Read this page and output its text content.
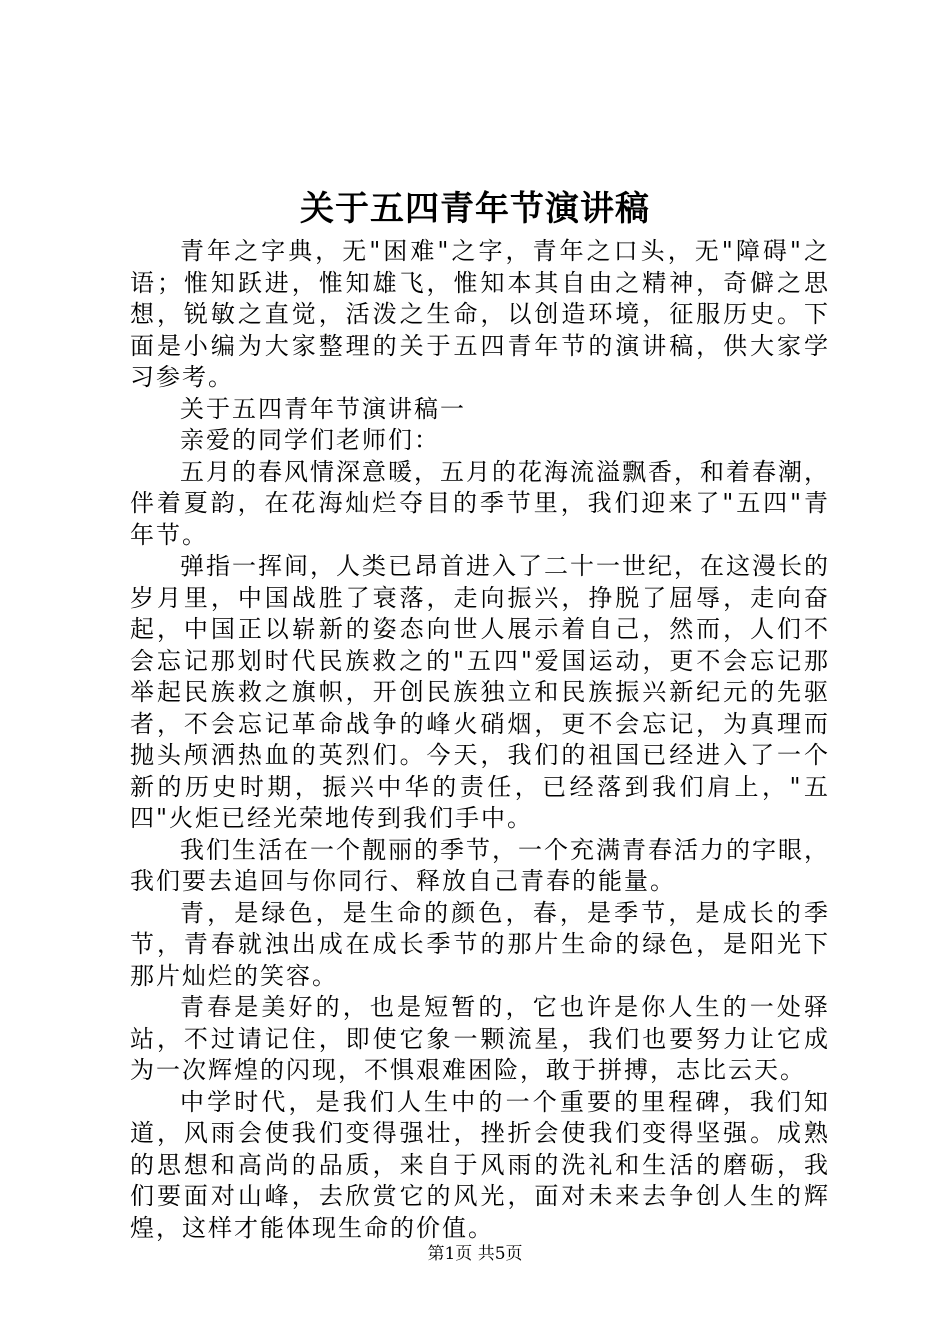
关于五四青年节演讲稿

青年之字典，无"困难"之字，青年之口头，无"障碍"之语；惟知跃进，惟知雄飞，惟知本其自由之精神，奇僻之思想，锐敏之直觉，活泼之生命，以创造环境，征服历史。下面是小编为大家整理的关于五四青年节的演讲稿，供大家学习参考。

关于五四青年节演讲稿一

亲爱的同学们老师们：

五月的春风情深意暖，五月的花海流溢飘香，和着春潮，伴着夏韵，在花海灿烂夺目的季节里，我们迎来了"五四"青年节。

弹指一挥间，人类已昂首进入了二十一世纪，在这漫长的岁月里，中国战胜了衰落，走向振兴，挣脱了屈辱，走向奋起，中国正以崭新的姿态向世人展示着自己，然而，人们不会忘记那划时代民族救之的"五四"爱国运动，更不会忘记那举起民族救之旗帜，开创民族独立和民族振兴新纪元的先驱者，不会忘记革命战争的峰火硝烟，更不会忘记，为真理而抛头颅洒热血的英烈们。今天，我们的祖国已经进入了一个新的历史时期，振兴中华的责任，已经落到我们肩上，"五四"火炬已经光荣地传到我们手中。

我们生活在一个靓丽的季节，一个充满青春活力的字眼，我们要去追回与你同行、释放自己青春的能量。

青，是绿色，是生命的颜色，春，是季节，是成长的季节，青春就浊出成在成长季节的那片生命的绿色，是阳光下那片灿烂的笑容。

青春是美好的，也是短暂的，它也许是你人生的一处驿站，不过请记住，即使它象一颗流星，我们也要努力让它成为一次辉煌的闪现，不惧艰难困险，敢于拼搏，志比云天。

中学时代，是我们人生中的一个重要的里程碑，我们知道，风雨会使我们变得强壮，挫折会使我们变得坚强。成熟的思想和高尚的品质，来自于风雨的洗礼和生活的磨砺，我们要面对山峰，去欣赏它的风光，面对未来去争创人生的辉煌，这样才能体现生命的价值。

第1页 共5页
